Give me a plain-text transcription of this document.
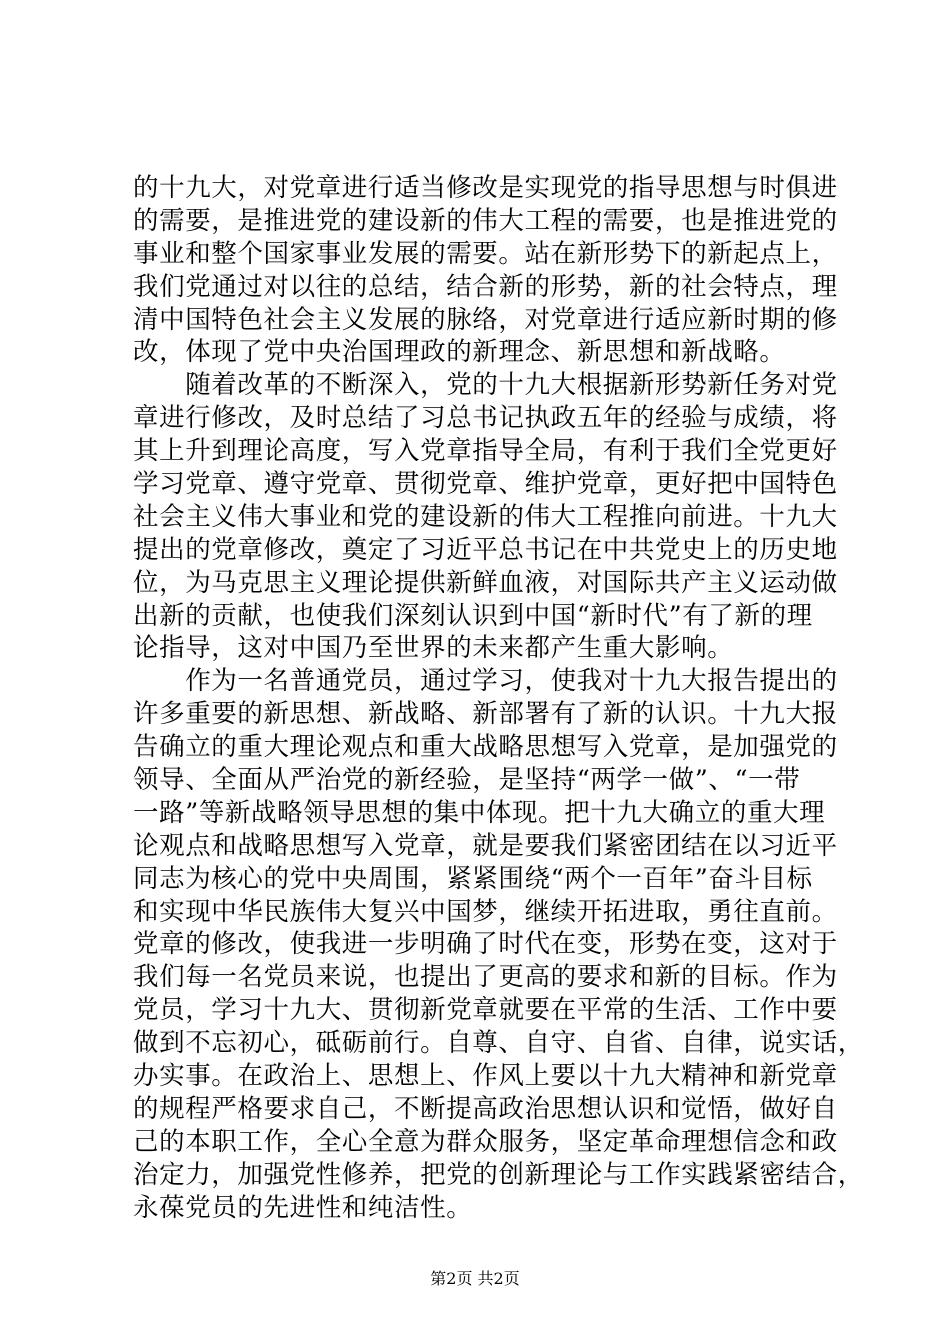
的十九大，对党章进行适当修改是实现党的指导思想与时俱进
的需要，是推进党的建设新的伟大工程的需要，也是推进党的
事业和整个国家事业发展的需要。站在新形势下的新起点上，
我们党通过对以往的总结，结合新的形势，新的社会特点，理
清中国特色社会主义发展的脉络，对党章进行适应新时期的修
改，体现了党中央治国理政的新理念、新思想和新战略。
　　随着改革的不断深入，党的十九大根据新形势新任务对党
章进行修改，及时总结了习总书记执政五年的经验与成绩，将
其上升到理论高度，写入党章指导全局，有利于我们全党更好
学习党章、遵守党章、贯彻党章、维护党章，更好把中国特色
社会主义伟大事业和党的建设新的伟大工程推向前进。十九大
提出的党章修改，奠定了习近平总书记在中共党史上的历史地
位，为马克思主义理论提供新鲜血液，对国际共产主义运动做
出新的贡献，也使我们深刻认识到中国“新时代”有了新的理
论指导，这对中国乃至世界的未来都产生重大影响。
　　作为一名普通党员，通过学习，使我对十九大报告提出的
许多重要的新思想、新战略、新部署有了新的认识。十九大报
告确立的重大理论观点和重大战略思想写入党章，是加强党的
领导、全面从严治党的新经验，是坚持“两学一做”、“一带
一路”等新战略领导思想的集中体现。把十九大确立的重大理
论观点和战略思想写入党章，就是要我们紧密团结在以习近平
同志为核心的党中央周围，紧紧围绕“两个一百年”奋斗目标
和实现中华民族伟大复兴中国梦，继续开拓进取，勇往直前。
党章的修改，使我进一步明确了时代在变，形势在变，这对于
我们每一名党员来说，也提出了更高的要求和新的目标。作为
党员，学习十九大、贯彻新党章就要在平常的生活、工作中要
做到不忘初心，砥砺前行。自尊、自守、自省、自律，说实话，
办实事。在政治上、思想上、作风上要以十九大精神和新党章
的规程严格要求自己，不断提高政治思想认识和觉悟，做好自
己的本职工作，全心全意为群众服务，坚定革命理想信念和政
治定力，加强党性修养，把党的创新理论与工作实践紧密结合，
永葆党员的先进性和纯洁性。
第2页 共2页
